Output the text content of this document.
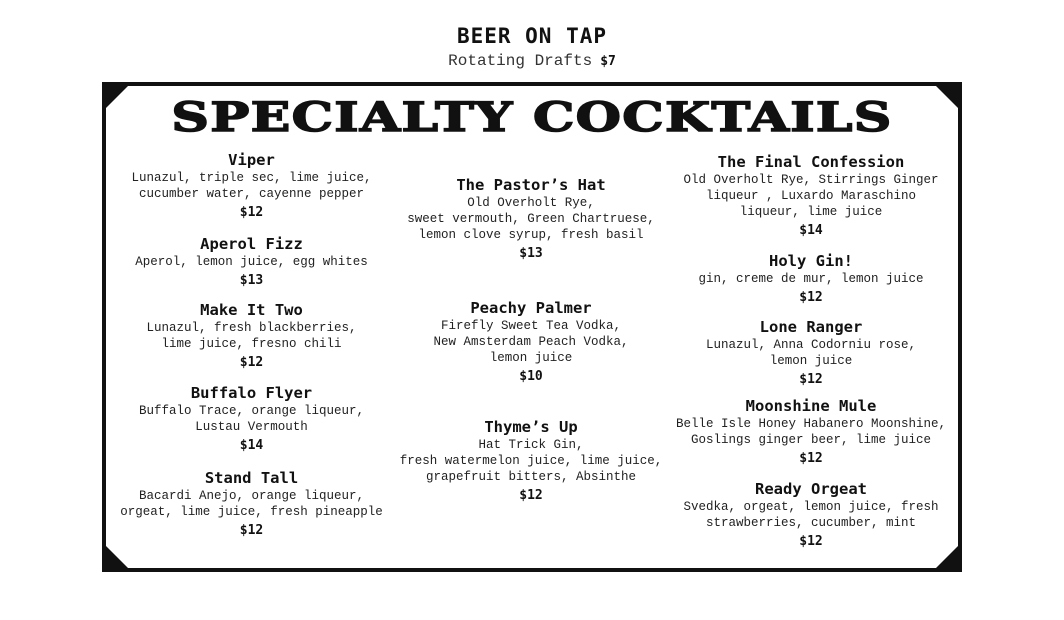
BEER ON TAP
Rotating Drafts $7
SPECIALTY COCKTAILS
Viper
Lunazul, triple sec, lime juice,
cucumber water, cayenne pepper
$12
Aperol Fizz
Aperol, lemon juice, egg whites
$13
Make It Two
Lunazul, fresh blackberries,
lime juice, fresno chili
$12
Buffalo Flyer
Buffalo Trace, orange liqueur,
Lustau Vermouth
$14
Stand Tall
Bacardi Anejo, orange liqueur,
orgeat, lime juice, fresh pineapple
$12
The Pastor’s Hat
Old Overholt Rye,
sweet vermouth, Green Chartruese,
lemon clove syrup, fresh basil
$13
Peachy Palmer
Firefly Sweet Tea Vodka,
New Amsterdam Peach Vodka,
lemon juice
$10
Thyme’s Up
Hat Trick Gin,
fresh watermelon juice, lime juice,
grapefruit bitters, Absinthe
$12
The Final Confession
Old Overholt Rye, Stirrings Ginger
liqueur , Luxardo Maraschino
liqueur, lime juice
$14
Holy Gin!
gin, creme de mur, lemon juice
$12
Lone Ranger
Lunazul, Anna Codorniu rose,
lemon juice
$12
Moonshine Mule
Belle Isle Honey Habanero Moonshine,
Goslings ginger beer, lime juice
$12
Ready Orgeat
Svedka, orgeat, lemon juice, fresh
strawberries, cucumber, mint
$12
